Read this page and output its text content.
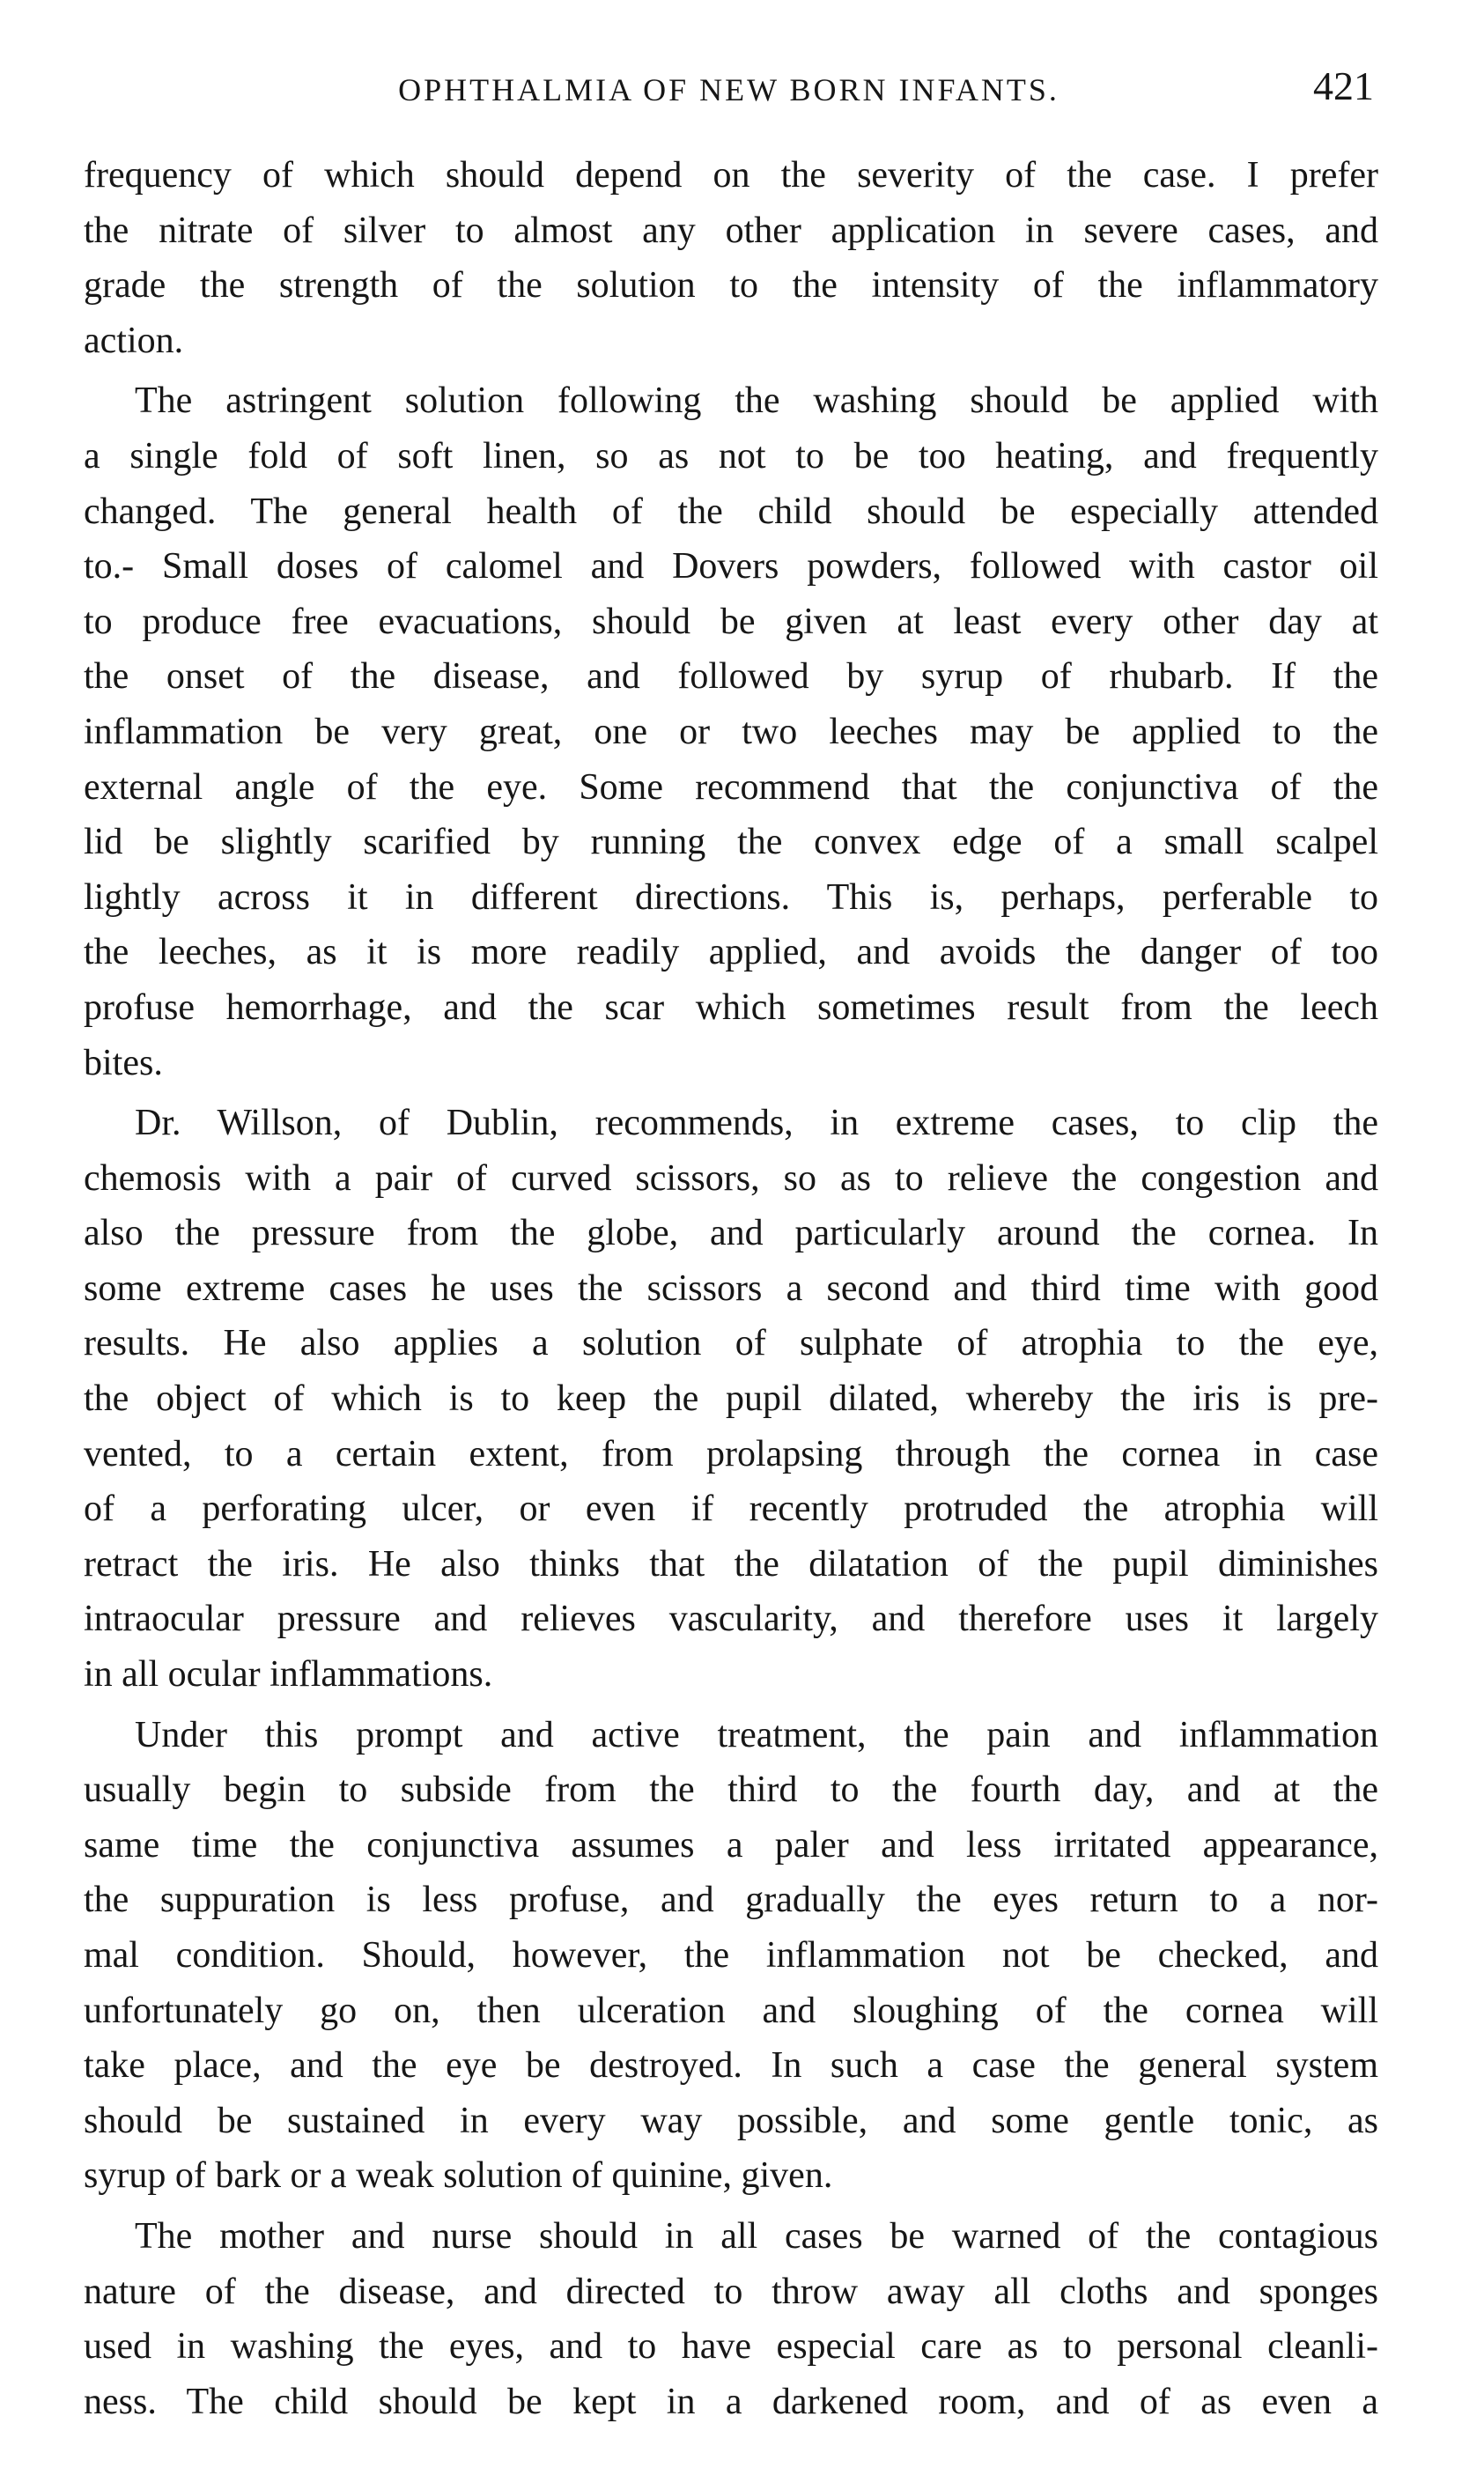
OPHTHALMIA OF NEW BORN INFANTS.	421
frequency of which should depend on the severity of the case. I prefer
the nitrate of silver to almost any other application in severe cases, and
grade the strength of the solution to the intensity of the inflammatory
action.
The astringent solution following the washing should be applied with
a single fold of soft linen, so as not to be too heating, and frequently
changed. The general health of the child should be especially attended
to.- Small doses of calomel and Dovers powders, followed with castor oil
to produce free evacuations, should be given at least every other day at
the onset of the disease, and followed by syrup of rhubarb. If the
inflammation be very great, one or two leeches may be applied to the
external angle of the eye. Some recommend that the conjunctiva of the
lid be slightly scarified by running the convex edge of a small scalpel
lightly across it in different directions. This is, perhaps, perferable to
the leeches, as it is more readily applied, and avoids the danger of too
profuse hemorrhage, and the scar which sometimes result from the leech
bites.
Dr. Willson, of Dublin, recommends, in extreme cases, to clip the
chemosis with a pair of curved scissors, so as to relieve the congestion and
also the pressure from the globe, and particularly around the cornea. In
some extreme cases he uses the scissors a second and third time with good
results. He also applies a solution of sulphate of atrophia to the eye,
the object of which is to keep the pupil dilated, whereby the iris is pre-
vented, to a certain extent, from prolapsing through the cornea in case
of a perforating ulcer, or even if recently protruded the atrophia will
retract the iris. He also thinks that the dilatation of the pupil diminishes
intraocular pressure and relieves vascularity, and therefore uses it largely
in all ocular inflammations.
Under this prompt and active treatment, the pain and inflammation
usually begin to subside from the third to the fourth day, and at the
same time the conjunctiva assumes a paler and less irritated appearance,
the suppuration is less profuse, and gradually the eyes return to a nor-
mal condition. Should, however, the inflammation not be checked, and
unfortunately go on, then ulceration and sloughing of the cornea will
take place, and the eye be destroyed. In such a case the general system
should be sustained in every way possible, and some gentle tonic, as
syrup of bark or a weak solution of quinine, given.
The mother and nurse should in all cases be warned of the contagious
nature of the disease, and directed to throw away all cloths and sponges
used in washing the eyes, and to have especial care as to personal cleanli-
ness. The child should be kept in a darkened room, and of as even a
